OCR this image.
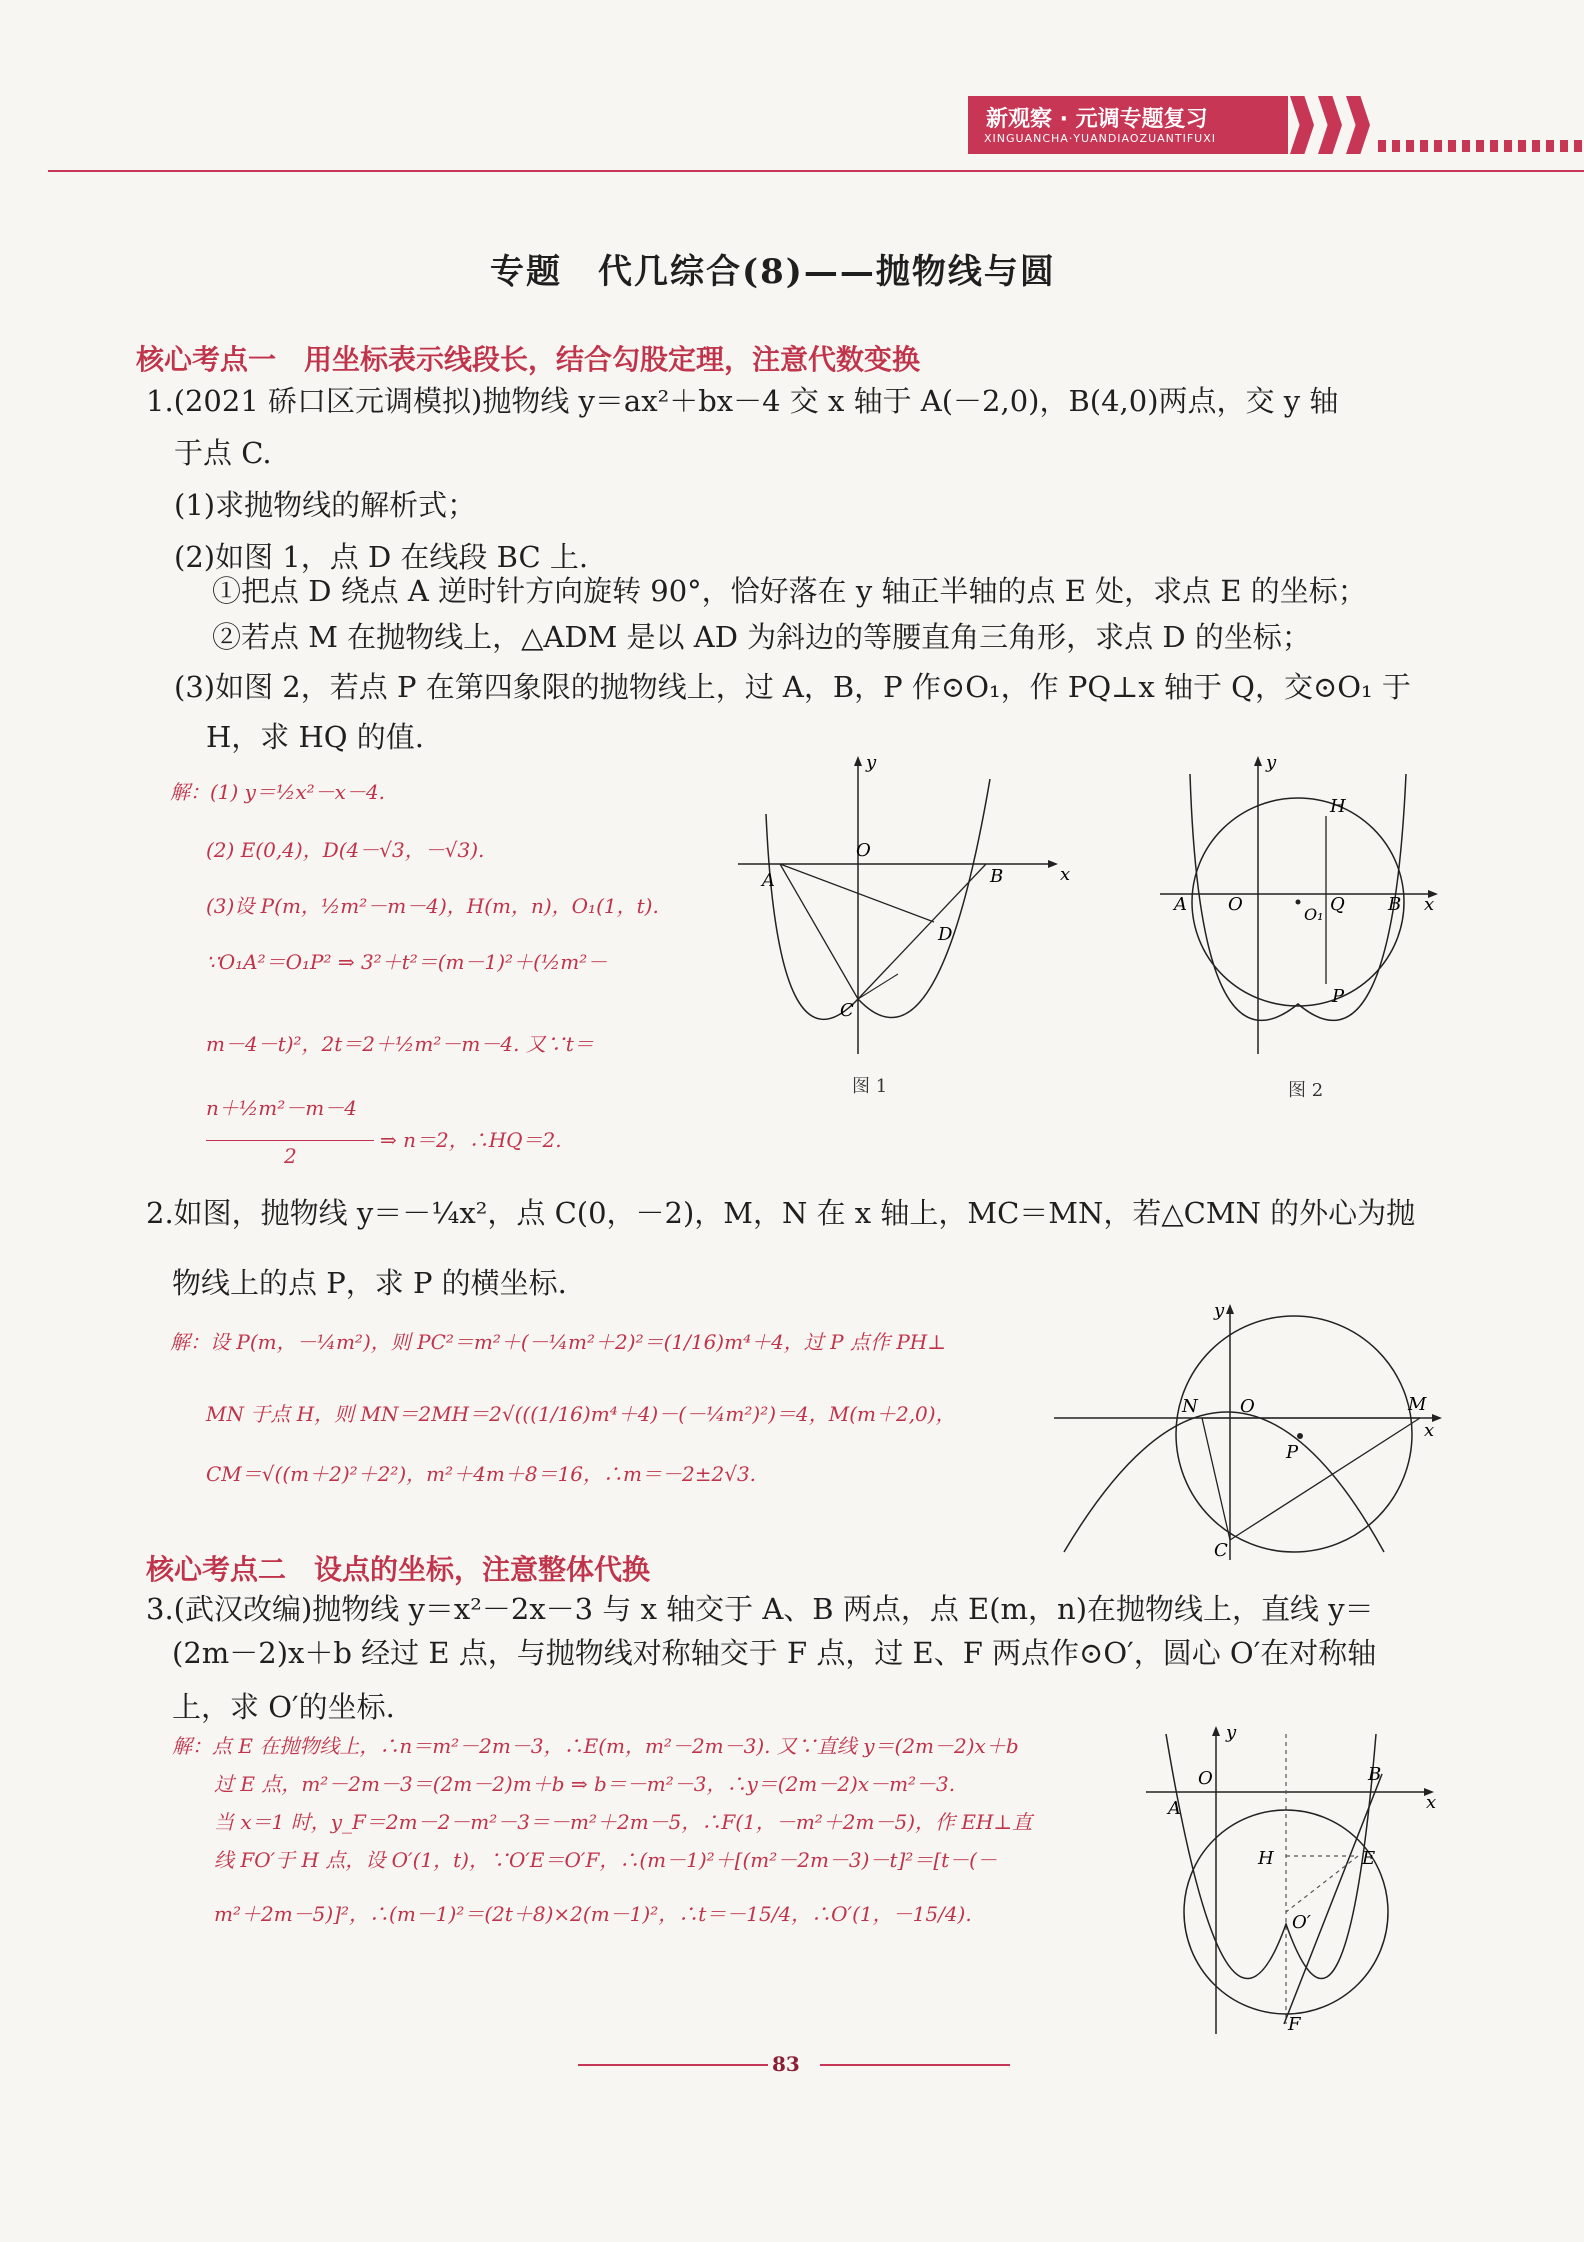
新观察 · 元调专题复习
XINGUANCHA·YUANDIAOZUANTIFUXI
专题　代几综合(8)——抛物线与圆
核心考点一　用坐标表示线段长，结合勾股定理，注意代数变换
1.(2021 硚口区元调模拟)抛物线 y＝ax²＋bx－4 交 x 轴于 A(－2,0)，B(4,0)两点，交 y 轴
于点 C.
(1)求抛物线的解析式；
(2)如图 1，点 D 在线段 BC 上.
①把点 D 绕点 A 逆时针方向旋转 90°，恰好落在 y 轴正半轴的点 E 处，求点 E 的坐标；
②若点 M 在抛物线上，△ADM 是以 AD 为斜边的等腰直角三角形，求点 D 的坐标；
(3)如图 2，若点 P 在第四象限的抛物线上，过 A，B，P 作⊙O₁，作 PQ⊥x 轴于 Q，交⊙O₁ 于
H，求 HQ 的值.
解：(1) y＝½x²－x－4.
(2) E(0,4)，D(4－√3，－√3).
(3)设 P(m，½m²－m－4)，H(m，n)，O₁(1，t).
∵O₁A²＝O₁P² ⇒ 3²＋t²＝(m－1)²＋(½m²－
m－4－t)²，2t＝2＋½m²－m－4. 又∵t＝
n＋½m²－m－4
2
⇒ n＝2，∴HQ＝2.
y
x
O
A	B
D
C
图 1
y
x
O
A	B
Q
H
O₁
P
图 2
2.如图，抛物线 y＝－¼x²，点 C(0，－2)，M，N 在 x 轴上，MC＝MN，若△CMN 的外心为抛
物线上的点 P，求 P 的横坐标.
解：设 P(m，－¼m²)，则 PC²＝m²＋(－¼m²＋2)²＝(1/16)m⁴＋4，过 P 点作 PH⊥
MN 于点 H，则 MN＝2MH＝2√(((1/16)m⁴＋4)－(－¼m²)²)＝4，M(m＋2,0)，
CM＝√((m＋2)²＋2²)，m²＋4m＋8＝16，∴m＝－2±2√3.
y
x
O
N	M
P
C
核心考点二　设点的坐标，注意整体代换
3.(武汉改编)抛物线 y＝x²－2x－3 与 x 轴交于 A、B 两点，点 E(m，n)在抛物线上，直线 y＝
(2m－2)x＋b 经过 E 点，与抛物线对称轴交于 F 点，过 E、F 两点作⊙O′，圆心 O′在对称轴
上，求 O′的坐标.
解：点 E 在抛物线上，∴n＝m²－2m－3，∴E(m，m²－2m－3). 又∵直线 y＝(2m－2)x＋b
过 E 点，m²－2m－3＝(2m－2)m＋b ⇒ b＝－m²－3，∴y＝(2m－2)x－m²－3.
当 x＝1 时，y_F＝2m－2－m²－3＝－m²＋2m－5，∴F(1，－m²＋2m－5)，作 EH⊥直
线 FO′于 H 点，设 O′(1，t)，∵O′E＝O′F，∴(m－1)²＋[(m²－2m－3)－t]²＝[t－(－
m²＋2m－5)]²，∴(m－1)²＝(2t＋8)×2(m－1)²，∴t＝－15/4，∴O′(1，－15/4).
y
x
O
A
B
H	E
O′
F
83
